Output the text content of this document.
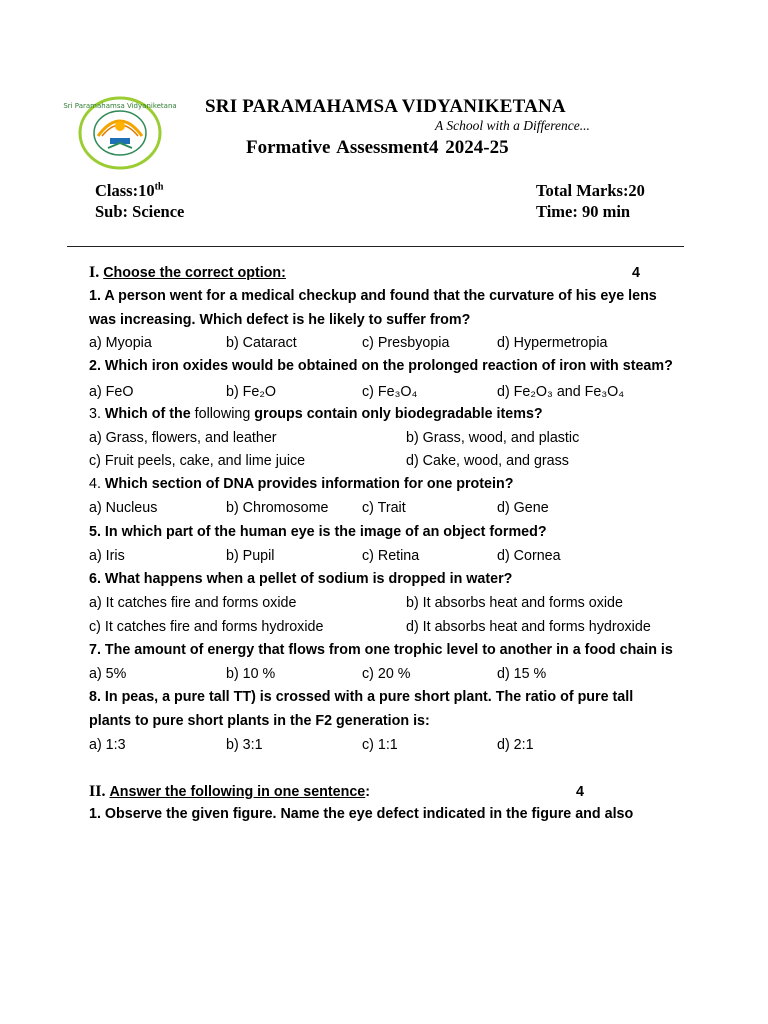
Sri Paramahamsa Vidyaniketana SRI PARAMAHAMSA VIDYANIKETANA
A School with a Difference...
Formative Assessment4 2024-25
Class:10th
Sub: Science
Total Marks:20
Time: 90 min
I. Choose the correct option:	4
1. A person went for a medical checkup and found that the curvature of his eye lens
was increasing. Which defect is he likely to suffer from?
a) Myopia	b) Cataract	c) Presbyopia	d) Hypermetropia
2. Which iron oxides would be obtained on the prolonged reaction of iron with steam?
a) FeO	b) Fe₂O	c) Fe₃O₄	d) Fe₂O₃ and Fe₃O₄
3. Which of the following groups contain only biodegradable items?
a) Grass, flowers, and leather	b) Grass, wood, and plastic
c) Fruit peels, cake, and lime juice	d) Cake, wood, and grass
4. Which section of DNA provides information for one protein?
a) Nucleus	b) Chromosome c) Trait	d) Gene
5. In which part of the human eye is the image of an object formed?
a) Iris	b) Pupil	c) Retina	d) Cornea
6. What happens when a pellet of sodium is dropped in water?
a) It catches fire and forms oxide	b) It absorbs heat and forms oxide
c) It catches fire and forms hydroxide	d) It absorbs heat and forms hydroxide
7. The amount of energy that flows from one trophic level to another in a food chain is
a) 5%	b) 10 %	c) 20 %	d) 15 %
8. In peas, a pure tall TT) is crossed with a pure short plant. The ratio of pure tall
plants to pure short plants in the F2 generation is:
a) 1:3	b) 3:1	c) 1:1	d) 2:1
II. Answer the following in one sentence:	4
1. Observe the given figure. Name the eye defect indicated in the figure and also
